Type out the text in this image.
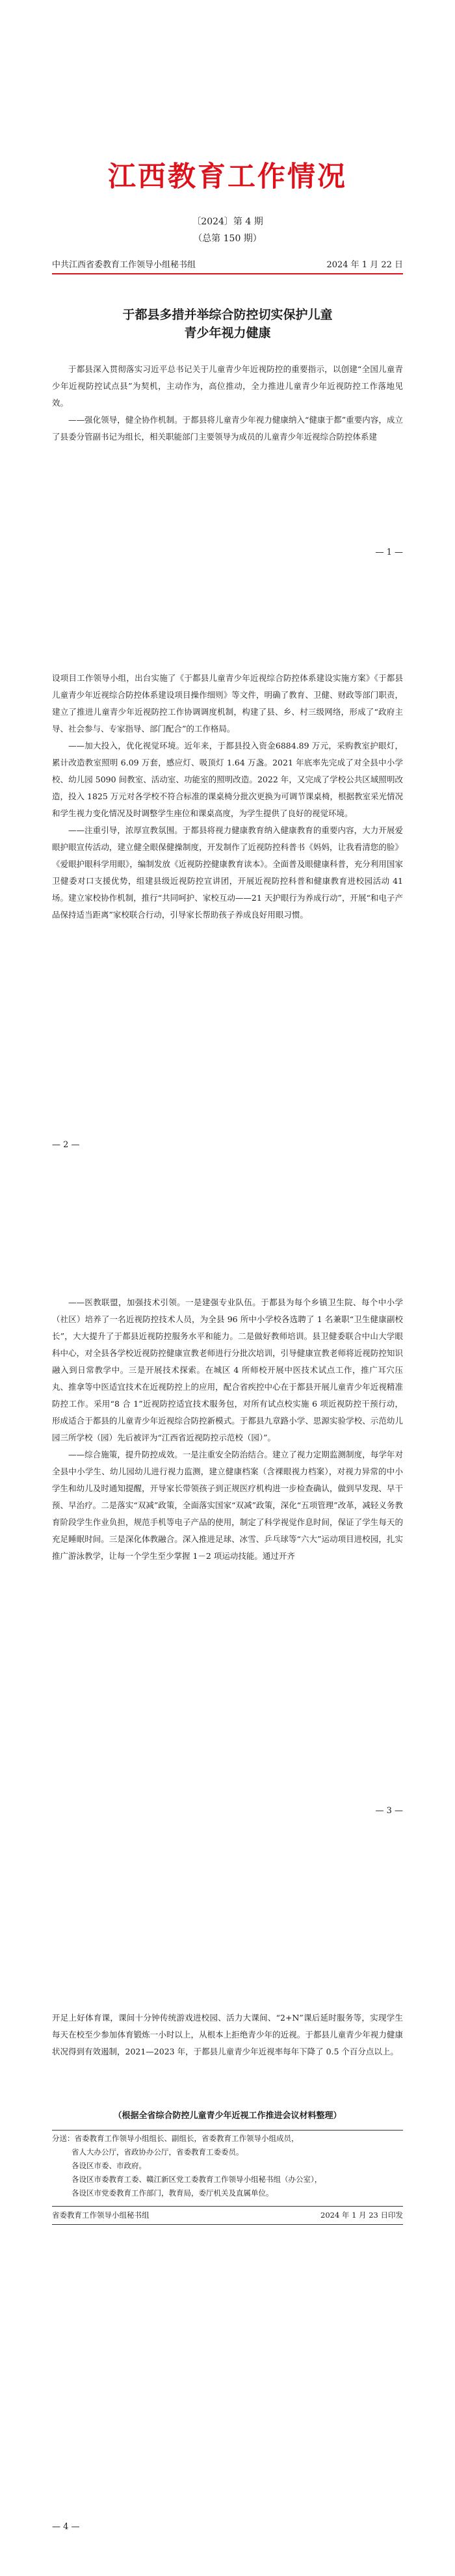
江西教育工作情况
〔2024〕第 4 期
（总第 150 期）
中共江西省委教育工作领导小组秘书组	2024 年 1 月 22 日
于都县多措并举综合防控切实保护儿童
青少年视力健康

于都县深入贯彻落实习近平总书记关于儿童青少年近视防控的重要指示，以创建“全国儿童青少年近视防控试点县”为契机，主动作为，高位推动，全力推进儿童青少年近视防控工作落地见效。

——强化领导，健全协作机制。于都县将儿童青少年视力健康纳入“健康于都”重要内容，成立了县委分管副书记为组长，相关职能部门主要领导为成员的儿童青少年近视综合防控体系建

— 1 —

设项目工作领导小组，出台实施了《于都县儿童青少年近视综合防控体系建设实施方案》《于都县儿童青少年近视综合防控体系建设项目操作细则》等文件，明确了教育、卫健、财政等部门职责，建立了推进儿童青少年近视防控工作协调调度机制，构建了县、乡、村三级网络，形成了“政府主导、社会参与、专家指导、部门配合”的工作格局。

——加大投入，优化视觉环境。近年来，于都县投入资金6884.89 万元，采购教室护眼灯，累计改造教室照明 6.09 万套，感应灯、吸顶灯 1.64 万盏。2021 年底率先完成了对全县中小学校、幼儿园 5090 间教室、活动室、功能室的照明改造。2022 年，又完成了学校公共区域照明改造，投入 1825 万元对各学校不符合标准的课桌椅分批次更换为可调节课桌椅，根据教室采光情况和学生视力变化情况及时调整学生座位和课桌高度，为学生提供了良好的视觉环境。

——注重引导，浓厚宣教氛围。于都县将视力健康教育纳入健康教育的重要内容，大力开展爱眼护眼宣传活动，建立健全眼保健操制度，开发制作了近视防控科普书《妈妈，让我看清您的脸》《爱眼护眼科学用眼》，编制发放《近视防控健康教育读本》。全面普及眼健康科普，充分利用国家卫健委对口支援优势，组建县级近视防控宣讲团，开展近视防控科普和健康教育进校园活动 41 场。建立家校协作机制，推行“共同呵护、家校互动——21 天护眼行为养成行动”，开展“和电子产品保持适当距离”家校联合行动，引导家长帮助孩子养成良好用眼习惯。

— 2 —

——医教联盟，加强技术引领。一是建强专业队伍。于都县为每个乡镇卫生院、每个中小学（社区）培养了一名近视防控技术人员，为全县 96 所中小学校各选聘了 1 名兼职“卫生健康副校长”，大大提升了于都县近视防控服务水平和能力。二是做好教师培训。县卫健委联合中山大学眼科中心，对全县各学校近视防控健康宣教老师进行分批次培训，引导健康宣教老师将近视防控知识融入到日常教学中。三是开展技术探索。在城区 4 所师校开展中医技术试点工作，推广耳穴压丸、推拿等中医适宜技术在近视防控上的应用，配合省疾控中心在于都县开展儿童青少年近视精准防控工作。采用“8 合 1”近视防控适宜技术服务包，对所有试点校实施 6 项近视防控干预行动，形成适合于都县的儿童青少年近视综合防控新模式。于都县九章路小学、思源实验学校、示范幼儿园三所学校（园）先后被评为“江西省近视防控示范校（园）”。

——综合施策，提升防控成效。一是注重安全防治结合。建立了视力定期监测制度，每学年对全县中小学生、幼儿园幼儿进行视力监测，建立健康档案（含裸眼视力档案），对视力异常的中小学生和幼儿及时通知提醒，开导家长带领孩子到正规医疗机构进一步检查确认，做到早发现、早干预、早治疗。二是落实“双减”政策，全面落实国家“双减”政策，深化“五项管理”改革，减轻义务教育阶段学生作业负担，规范手机等电子产品的使用，制定了科学视觉作息时间，保证了学生每天的充足睡眠时间。三是深化体教融合。深入推进足球、冰雪、乒乓球等“六大”运动项目进校园，扎实推广游泳教学，让每一个学生至少掌握 1－2 项运动技能。通过开齐

— 3 —

开足上好体育课，课间十分钟传统游戏进校园、活力大课间、“2+N”课后延时服务等，实现学生每天在校至少参加体育锻炼一小时以上，从根本上拒绝青少年的近视。于都县儿童青少年视力健康状况得到有效遏制，2021—2023 年，于都县儿童青少年近视率每年下降了 0.5 个百分点以上。

（根据全省综合防控儿童青少年近视工作推进会议材料整理）
分送：省委教育工作领导小组组长、副组长，省委教育工作领导小组成员，
省人大办公厅，省政协办公厅，省委教育工委委员。
各设区市委、市政府。
各设区市委教育工委、赣江新区党工委教育工作领导小组秘书组（办公室），
各设区市党委教育工作部门，教育局，委厅机关及直属单位。
省委教育工作领导小组秘书组	2024 年 1 月 23 日印发
— 4 —
